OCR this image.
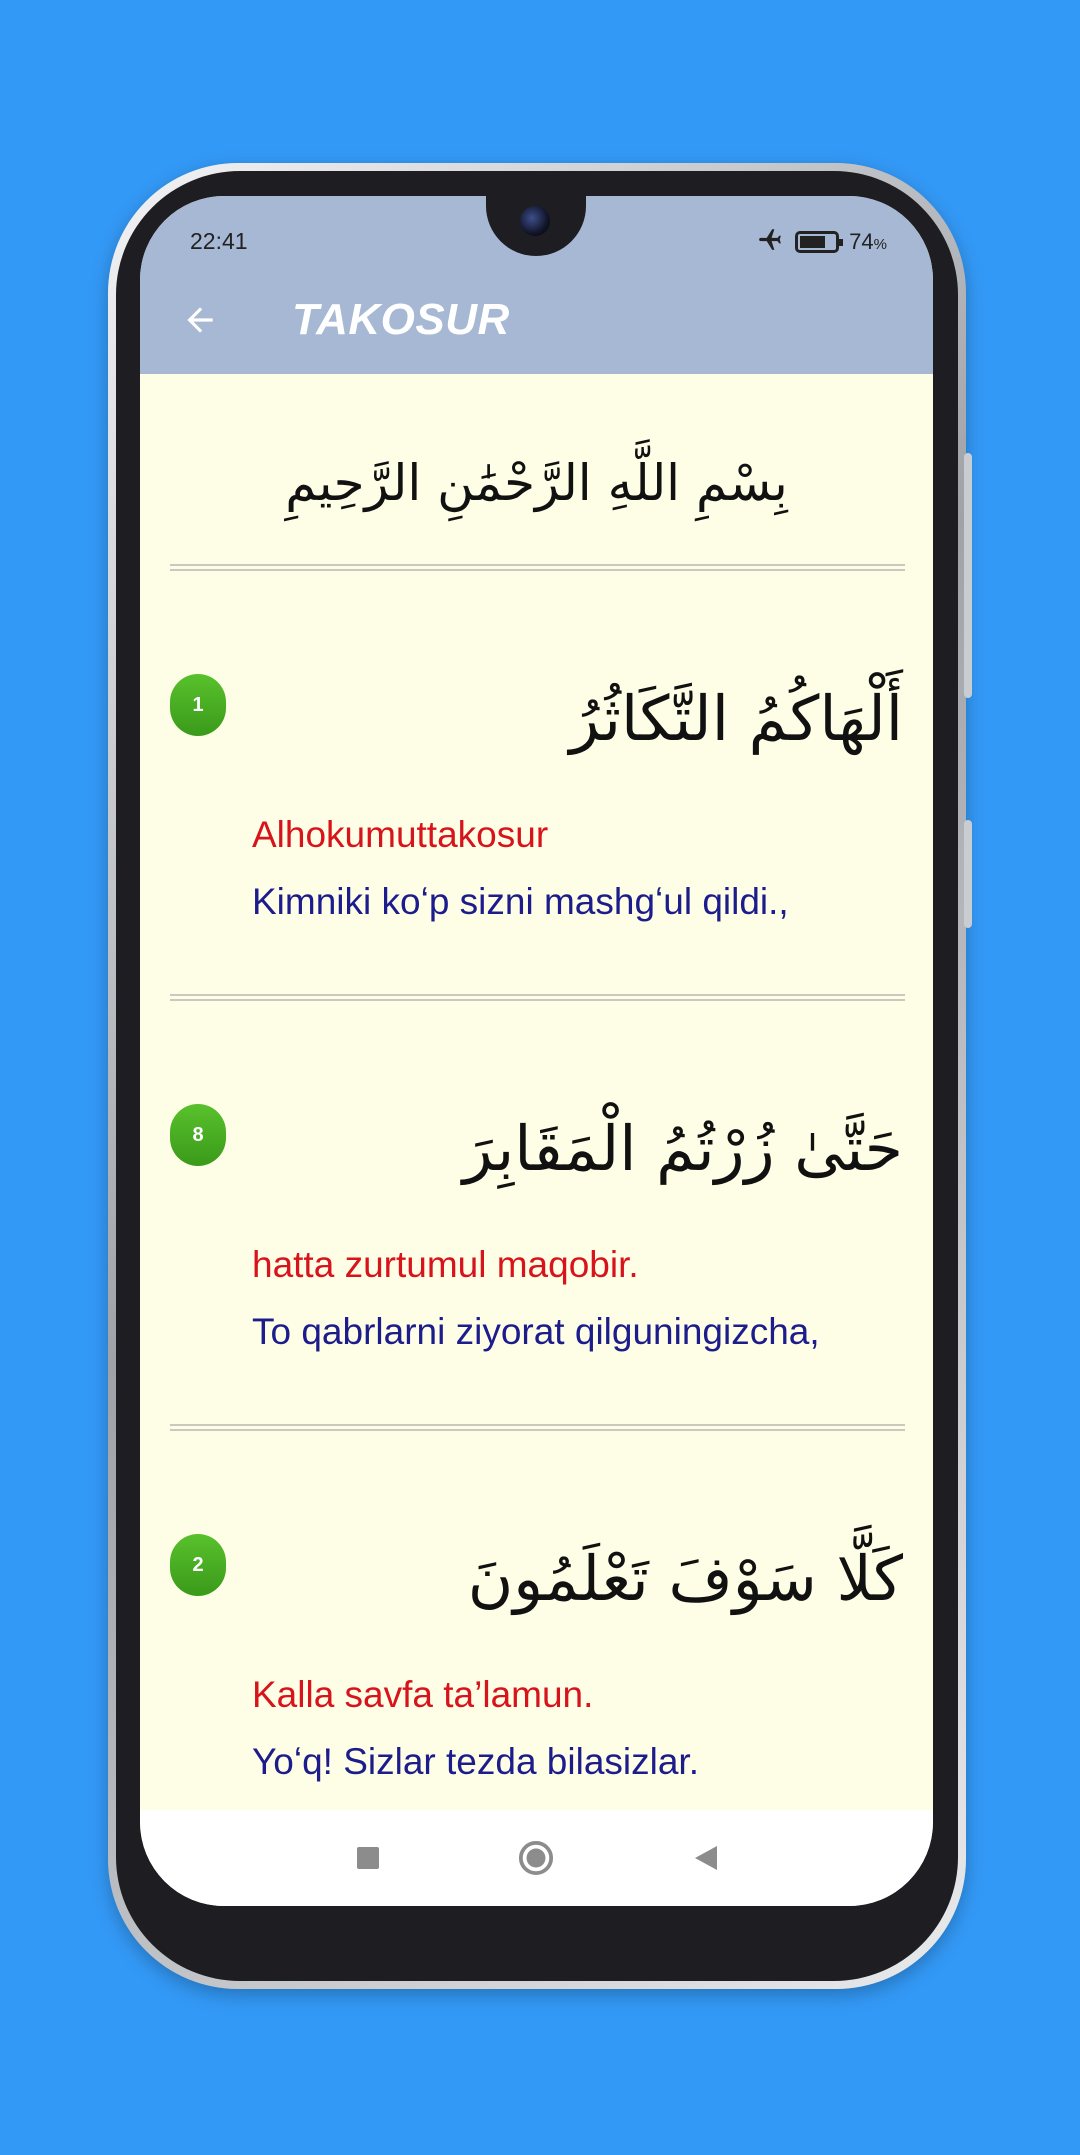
22:41	74%
TAKOSUR
بِسْمِ اللَّهِ الرَّحْمَٰنِ الرَّحِيمِ
1	أَلْهَاكُمُ التَّكَاثُرُ
Alhokumuttakosur
Kimniki koʻp sizni mashgʻul qildi.,
8	حَتَّىٰ زُرْتُمُ الْمَقَابِرَ
hatta zurtumul maqobir.
To qabrlarni ziyorat qilguningizcha,
2	كَلَّا سَوْفَ تَعْلَمُونَ
Kalla savfa ta’lamun.
Yoʻq! Sizlar tezda bilasizlar.
